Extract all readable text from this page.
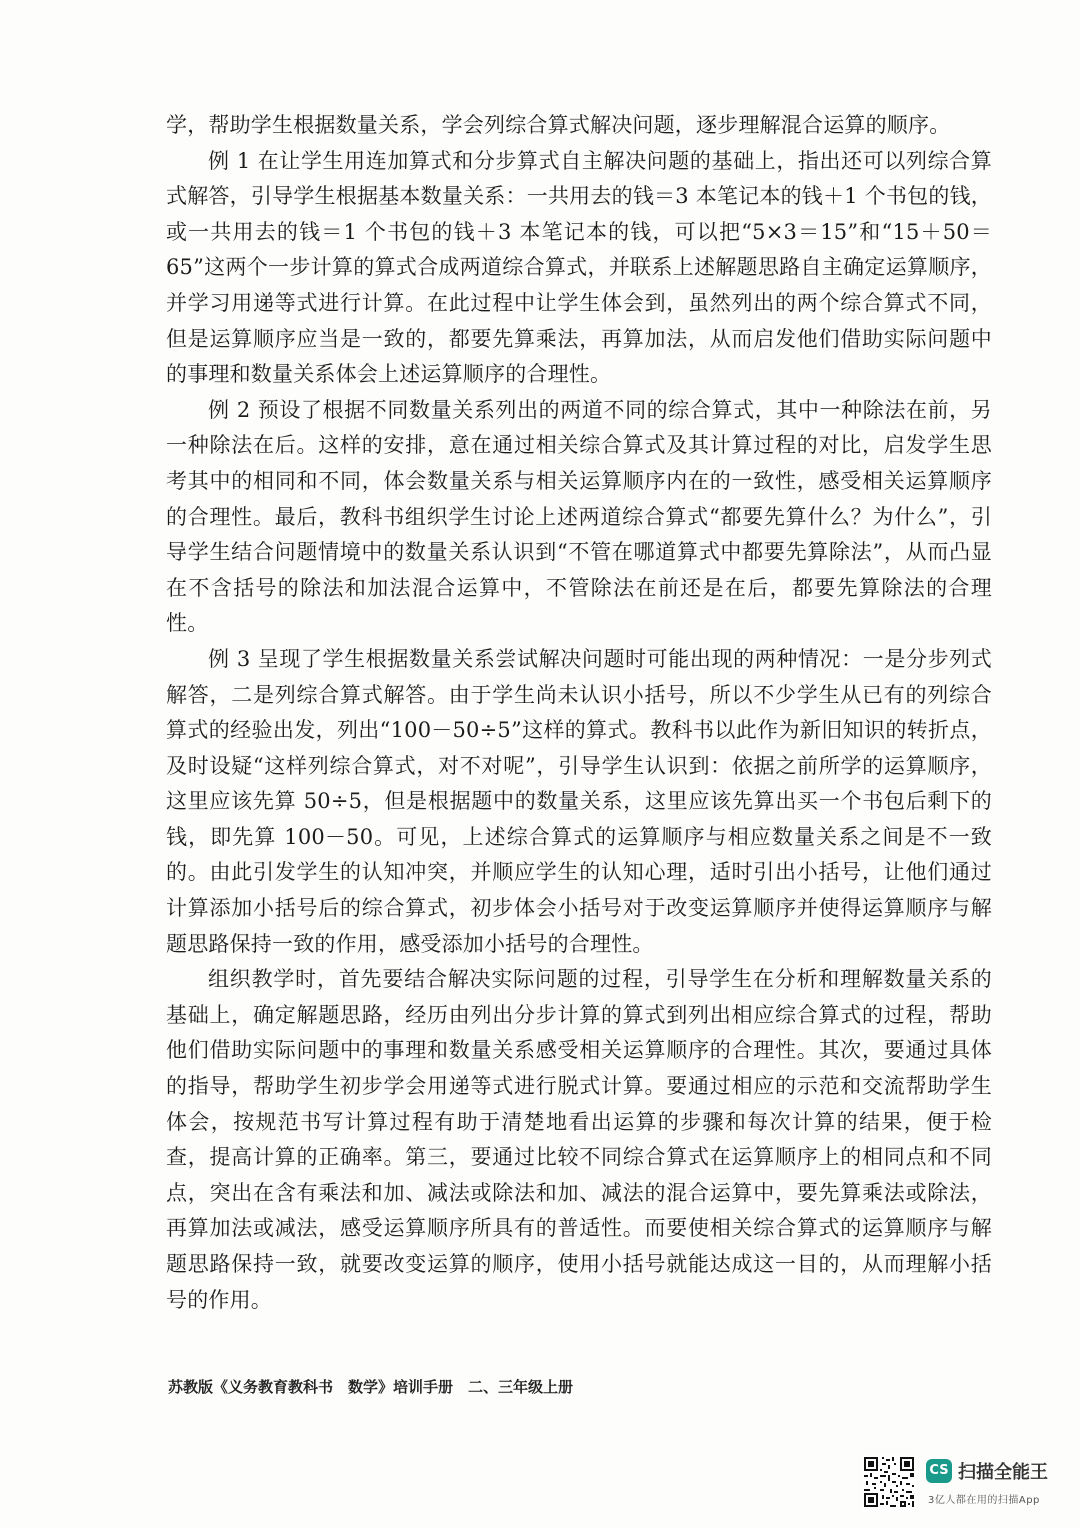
学，帮助学生根据数量关系，学会列综合算式解决问题，逐步理解混合运算的顺序。

例 1 在让学生用连加算式和分步算式自主解决问题的基础上，指出还可以列综合算式解答，引导学生根据基本数量关系：一共用去的钱＝3 本笔记本的钱＋1 个书包的钱，或一共用去的钱＝1 个书包的钱＋3 本笔记本的钱，可以把“5×3＝15”和“15＋50＝65”这两个一步计算的算式合成两道综合算式，并联系上述解题思路自主确定运算顺序，并学习用递等式进行计算。在此过程中让学生体会到，虽然列出的两个综合算式不同，但是运算顺序应当是一致的，都要先算乘法，再算加法，从而启发他们借助实际问题中的事理和数量关系体会上述运算顺序的合理性。

例 2 预设了根据不同数量关系列出的两道不同的综合算式，其中一种除法在前，另一种除法在后。这样的安排，意在通过相关综合算式及其计算过程的对比，启发学生思考其中的相同和不同，体会数量关系与相关运算顺序内在的一致性，感受相关运算顺序的合理性。最后，教科书组织学生讨论上述两道综合算式“都要先算什么？为什么”，引导学生结合问题情境中的数量关系认识到“不管在哪道算式中都要先算除法”，从而凸显在不含括号的除法和加法混合运算中，不管除法在前还是在后，都要先算除法的合理性。

例 3 呈现了学生根据数量关系尝试解决问题时可能出现的两种情况：一是分步列式解答，二是列综合算式解答。由于学生尚未认识小括号，所以不少学生从已有的列综合算式的经验出发，列出“100－50÷5”这样的算式。教科书以此作为新旧知识的转折点，及时设疑“这样列综合算式，对不对呢”，引导学生认识到：依据之前所学的运算顺序，这里应该先算 50÷5，但是根据题中的数量关系，这里应该先算出买一个书包后剩下的钱，即先算 100－50。可见，上述综合算式的运算顺序与相应数量关系之间是不一致的。由此引发学生的认知冲突，并顺应学生的认知心理，适时引出小括号，让他们通过计算添加小括号后的综合算式，初步体会小括号对于改变运算顺序并使得运算顺序与解题思路保持一致的作用，感受添加小括号的合理性。

组织教学时，首先要结合解决实际问题的过程，引导学生在分析和理解数量关系的基础上，确定解题思路，经历由列出分步计算的算式到列出相应综合算式的过程，帮助他们借助实际问题中的事理和数量关系感受相关运算顺序的合理性。其次，要通过具体的指导，帮助学生初步学会用递等式进行脱式计算。要通过相应的示范和交流帮助学生体会，按规范书写计算过程有助于清楚地看出运算的步骤和每次计算的结果，便于检查，提高计算的正确率。第三，要通过比较不同综合算式在运算顺序上的相同点和不同点，突出在含有乘法和加、减法或除法和加、减法的混合运算中，要先算乘法或除法，再算加法或减法，感受运算顺序所具有的普适性。而要使相关综合算式的运算顺序与解题思路保持一致，就要改变运算的顺序，使用小括号就能达成这一目的，从而理解小括号的作用。

苏教版《义务教育教科书　数学》培训手册　二、三年级上册
CS 扫描全能王
3亿人都在用的扫描App
